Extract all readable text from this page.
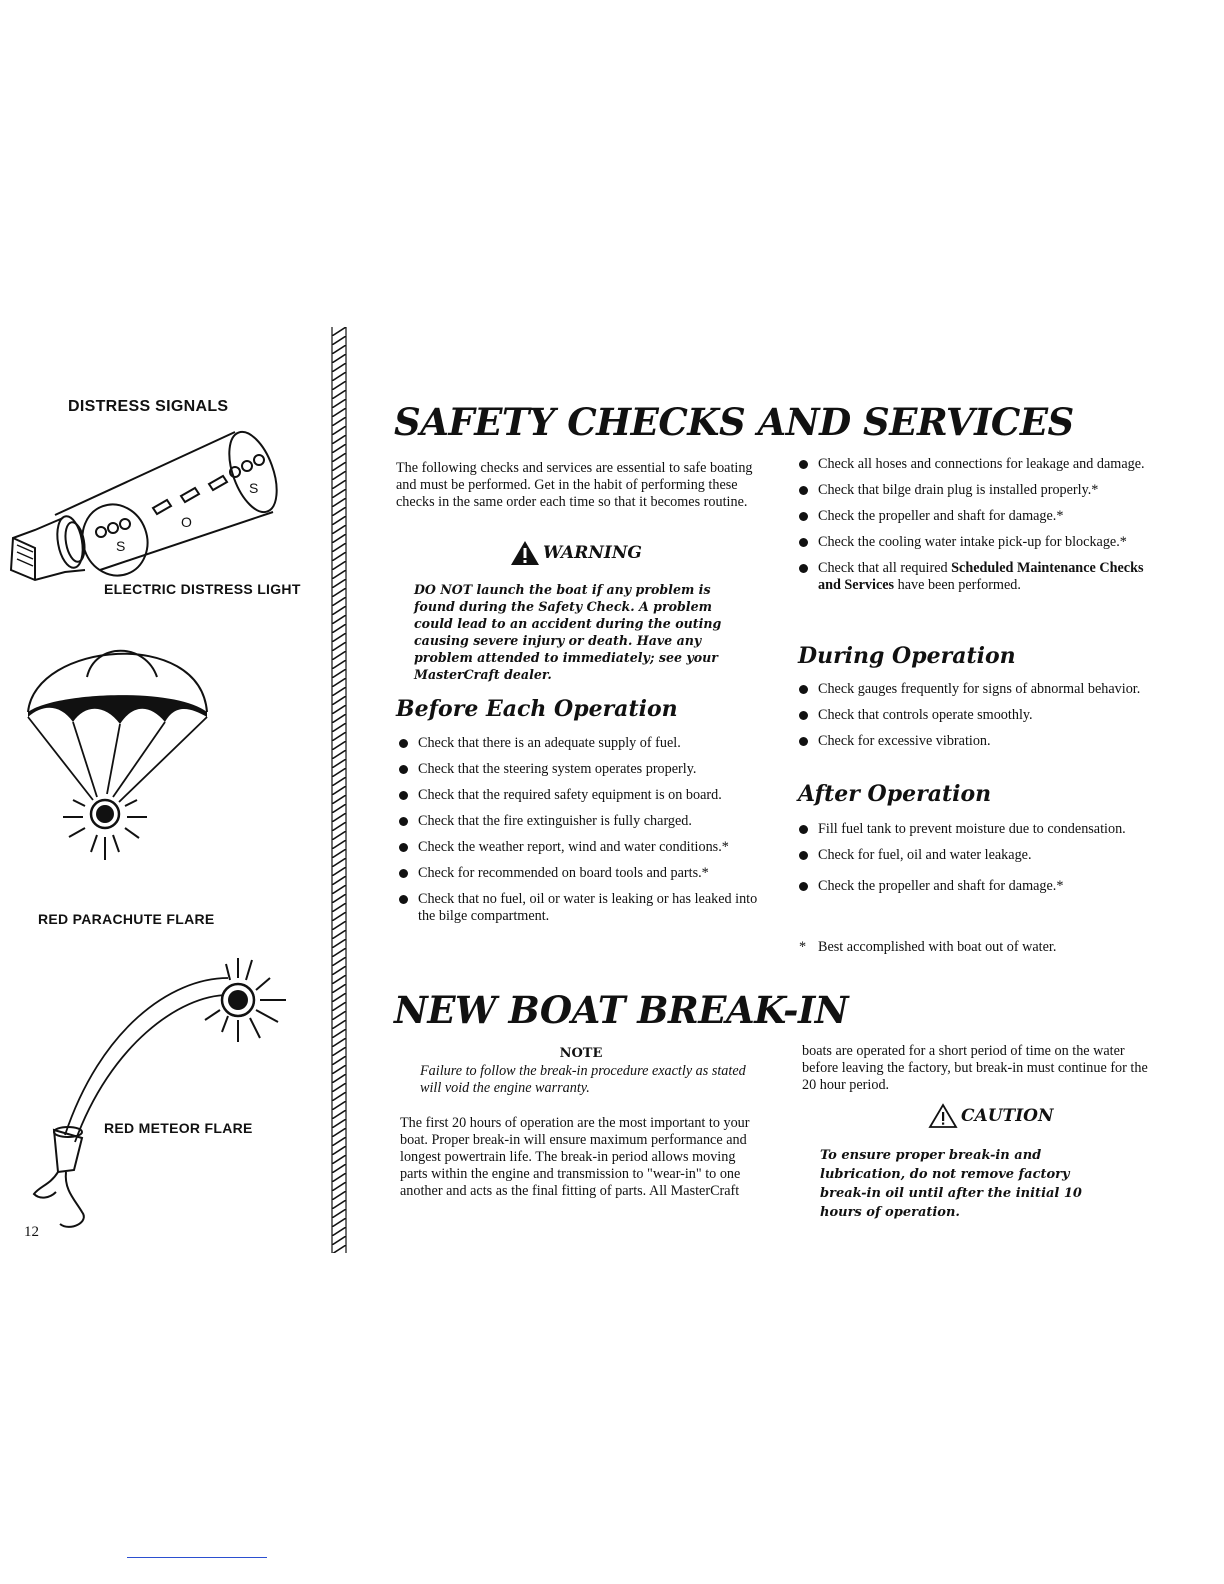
DISTRESS SIGNALS
S
O
S
ELECTRIC DISTRESS LIGHT
RED PARACHUTE FLARE
RED METEOR FLARE
12
SAFETY CHECKS AND SERVICES
The following checks and services are essential to safe boating and must be performed. Get in the habit of performing these checks in the same order each time so that it becomes routine.
WARNING
DO NOT launch the boat if any problem is found during the Safety Check. A problem could lead to an accident during the outing causing severe injury or death. Have any problem attended to immediately; see your MasterCraft dealer.
Before Each Operation
Check that there is an adequate supply of fuel.
Check that the steering system operates properly.
Check that the required safety equipment is on board.
Check that the fire extinguisher is fully charged.
Check the weather report, wind and water conditions.*
Check for recommended on board tools and parts.*
Check that no fuel, oil or water is leaking or has leaked into the bilge compartment.
Check all hoses and connections for leakage and damage.
Check that bilge drain plug is installed properly.*
Check the propeller and shaft for damage.*
Check the cooling water intake pick-up for blockage.*
Check that all required Scheduled Maintenance Checks and Services have been performed.
During Operation
Check gauges frequently for signs of abnormal behavior.
Check that controls operate smoothly.
Check for excessive vibration.
After Operation
Fill fuel tank to prevent moisture due to condensation.
Check for fuel, oil and water leakage.
Check the propeller and shaft for damage.*
* Best accomplished with boat out of water.
NEW BOAT BREAK-IN
NOTE
Failure to follow the break-in procedure exactly as stated will void the engine warranty.
The first 20 hours of operation are the most important to your boat. Proper break-in will ensure maximum performance and longest powertrain life. The break-in period allows moving parts within the engine and transmission to "wear-in" to one another and acts as the final fitting of parts. All MasterCraft
boats are operated for a short period of time on the water before leaving the factory, but break-in must continue for the 20 hour period.
CAUTION
To ensure proper break-in and lubrication, do not remove factory break-in oil until after the initial 10 hours of operation.
